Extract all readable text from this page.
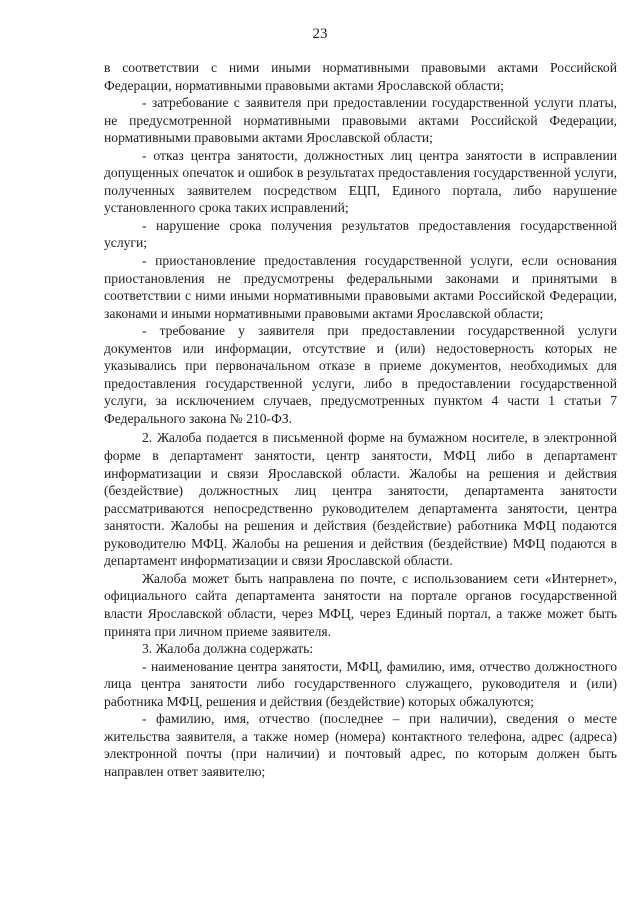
23

в соответствии с ними иными нормативными правовыми актами Российской Федерации, нормативными правовыми актами Ярославской области;

- затребование с заявителя при предоставлении государственной услуги платы, не предусмотренной нормативными правовыми актами Российской Федерации, нормативными правовыми актами Ярославской области;

- отказ центра занятости, должностных лиц центра занятости в исправлении допущенных опечаток и ошибок в результатах предоставления государственной услуги, полученных заявителем посредством ЕЦП, Единого портала, либо нарушение установленного срока таких исправлений;

- нарушение срока получения результатов предоставления государственной услуги;

- приостановление предоставления государственной услуги, если основания приостановления не предусмотрены федеральными законами и принятыми в соответствии с ними иными нормативными правовыми актами Российской Федерации, законами и иными нормативными правовыми актами Ярославской области;

- требование у заявителя при предоставлении государственной услуги документов или информации, отсутствие и (или) недостоверность которых не указывались при первоначальном отказе в приеме документов, необходимых для предоставления государственной услуги, либо в предоставлении государственной услуги, за исключением случаев, предусмотренных пунктом 4 части 1 статьи 7 Федерального закона № 210-ФЗ.

2. Жалоба подается в письменной форме на бумажном носителе, в электронной форме в департамент занятости, центр занятости, МФЦ либо в департамент информатизации и связи Ярославской области. Жалобы на решения и действия (бездействие) должностных лиц центра занятости, департамента занятости рассматриваются непосредственно руководителем департамента занятости, центра занятости. Жалобы на решения и действия (бездействие) работника МФЦ подаются руководителю МФЦ. Жалобы на решения и действия (бездействие) МФЦ подаются в департамент информатизации и связи Ярославской области.

Жалоба может быть направлена по почте, с использованием сети «Интернет», официального сайта департамента занятости на портале органов государственной власти Ярославской области, через МФЦ, через Единый портал, а также может быть принята при личном приеме заявителя.

3. Жалоба должна содержать:

- наименование центра занятости, МФЦ, фамилию, имя, отчество должностного лица центра занятости либо государственного служащего, руководителя и (или) работника МФЦ, решения и действия (бездействие) которых обжалуются;

- фамилию, имя, отчество (последнее – при наличии), сведения о месте жительства заявителя, а также номер (номера) контактного телефона, адрес (адреса) электронной почты (при наличии) и почтовый адрес, по которым должен быть направлен ответ заявителю;
